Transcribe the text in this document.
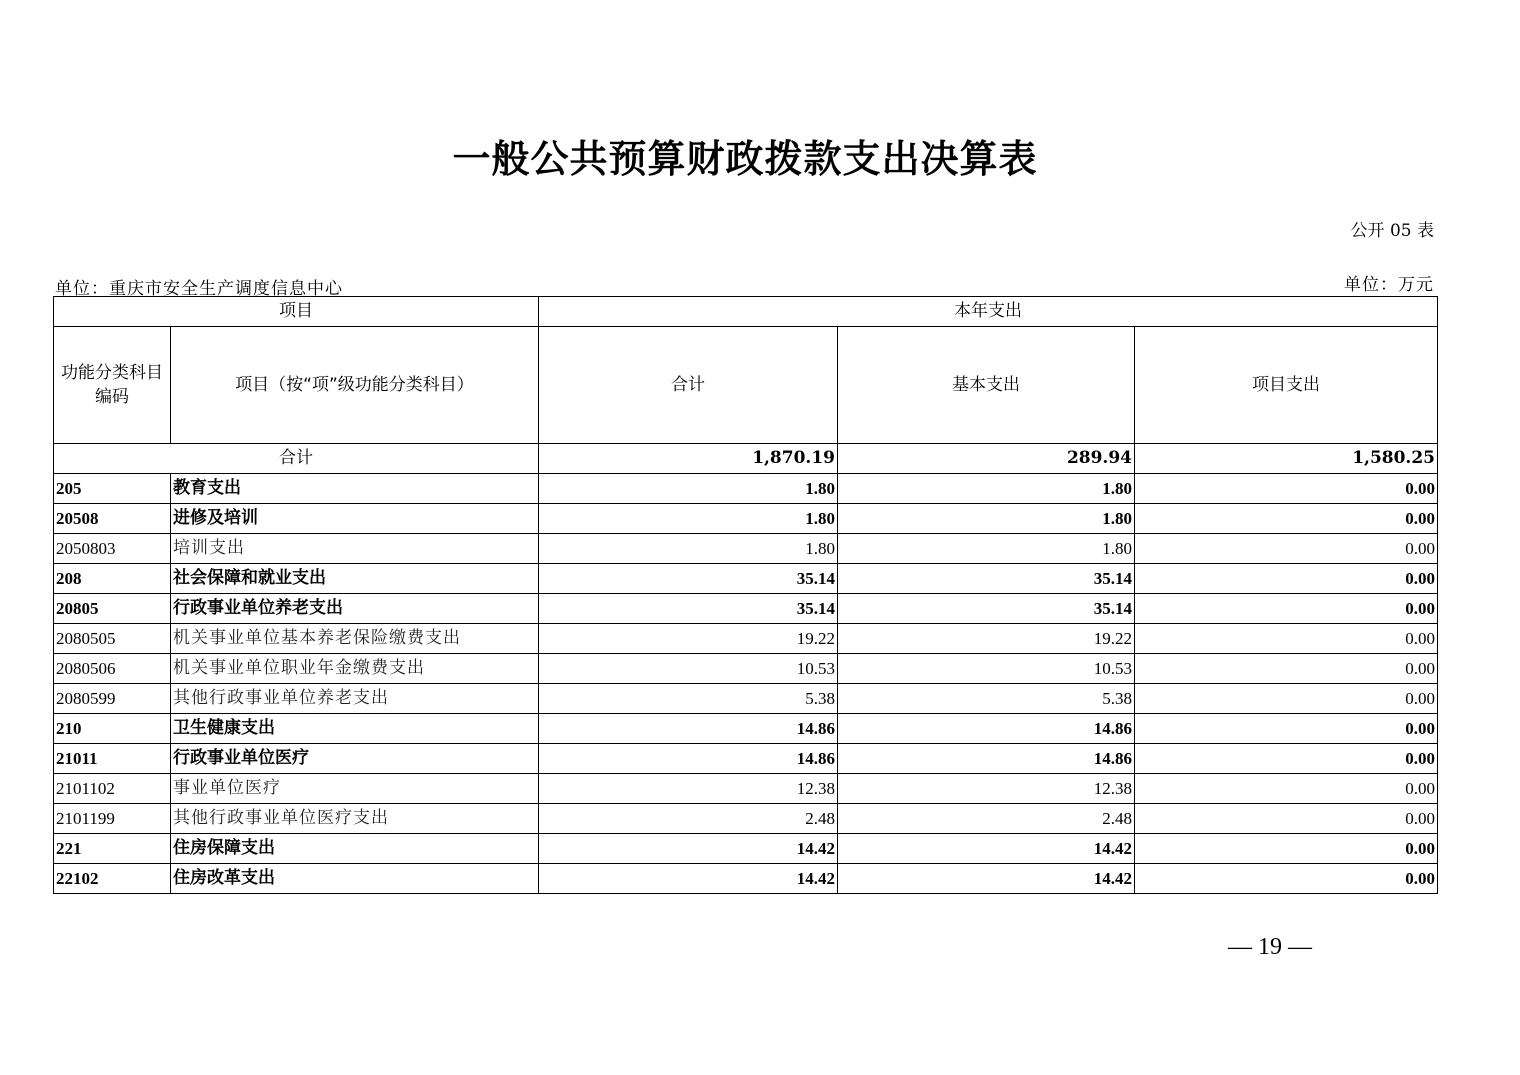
一般公共预算财政拨款支出决算表
公开 05 表
单位：重庆市安全生产调度信息中心	单位：万元
项目		本年支出		
功能分类科目编码	项目（按“项”级功能分类科目）	合计	基本支出	项目支出
合计		1,870.19	289.94	1,580.25
205	教育支出	1.80	1.80	0.00
20508	进修及培训	1.80	1.80	0.00
2050803	培训支出	1.80	1.80	0.00
208	社会保障和就业支出	35.14	35.14	0.00
20805	行政事业单位养老支出	35.14	35.14	0.00
2080505	机关事业单位基本养老保险缴费支出	19.22	19.22	0.00
2080506	机关事业单位职业年金缴费支出	10.53	10.53	0.00
2080599	其他行政事业单位养老支出	5.38	5.38	0.00
210	卫生健康支出	14.86	14.86	0.00
21011	行政事业单位医疗	14.86	14.86	0.00
2101102	事业单位医疗	12.38	12.38	0.00
2101199	其他行政事业单位医疗支出	2.48	2.48	0.00
221	住房保障支出	14.42	14.42	0.00
22102	住房改革支出	14.42	14.42	0.00
— 19 —
